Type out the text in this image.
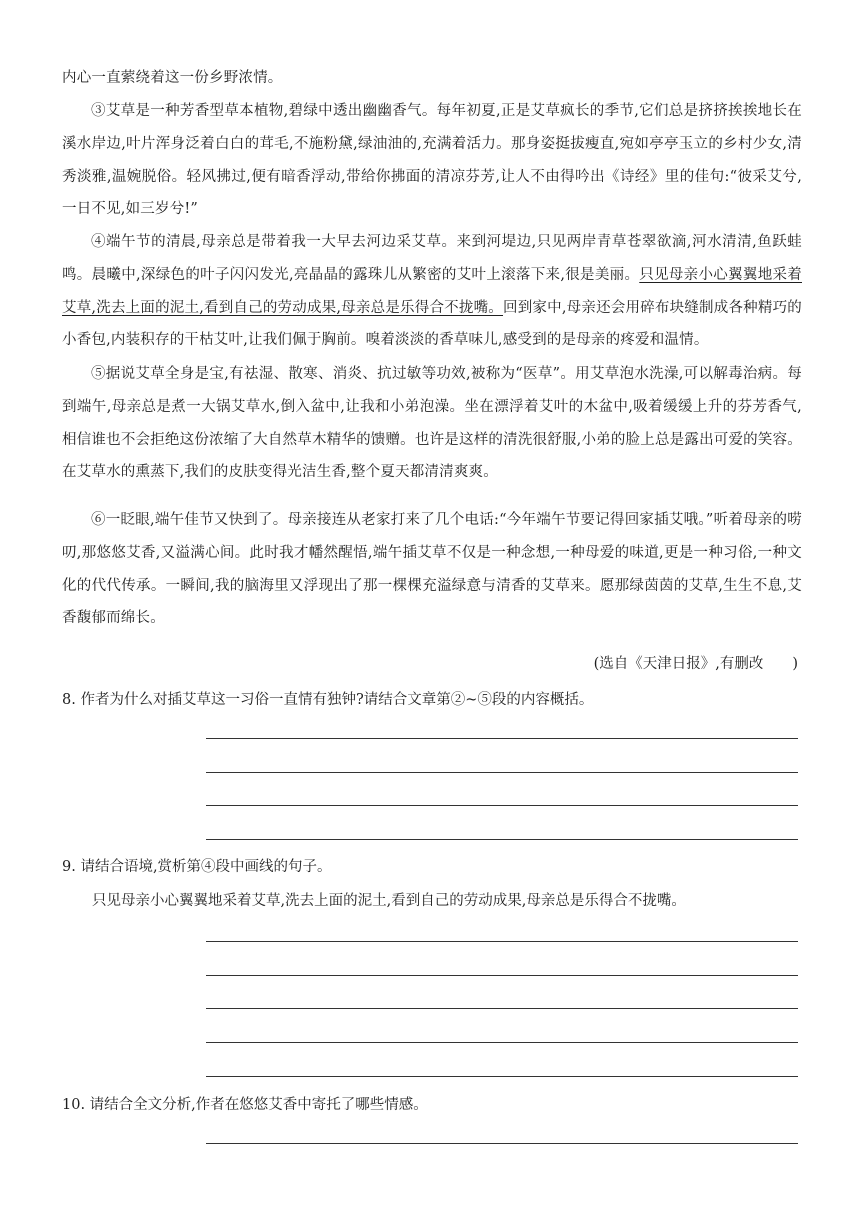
内心一直萦绕着这一份乡野浓情。

③艾草是一种芳香型草本植物,碧绿中透出幽幽香气。每年初夏,正是艾草疯长的季节,它们总是挤挤挨挨地长在溪水岸边,叶片浑身泛着白白的茸毛,不施粉黛,绿油油的,充满着活力。那身姿挺拔瘦直,宛如亭亭玉立的乡村少女,清秀淡雅,温婉脱俗。轻风拂过,便有暗香浮动,带给你拂面的清凉芬芳,让人不由得吟出《诗经》里的佳句:“彼采艾兮,一日不见,如三岁兮!”

④端午节的清晨,母亲总是带着我一大早去河边采艾草。来到河堤边,只见两岸青草苍翠欲滴,河水清清,鱼跃蛙鸣。晨曦中,深绿色的叶子闪闪发光,亮晶晶的露珠儿从繁密的艾叶上滚落下来,很是美丽。只见母亲小心翼翼地采着艾草,洗去上面的泥土,看到自己的劳动成果,母亲总是乐得合不拢嘴。回到家中,母亲还会用碎布块缝制成各种精巧的小香包,内装积存的干枯艾叶,让我们佩于胸前。嗅着淡淡的香草味儿,感受到的是母亲的疼爱和温情。

⑤据说艾草全身是宝,有祛湿、散寒、消炎、抗过敏等功效,被称为“医草”。用艾草泡水洗澡,可以解毒治病。每到端午,母亲总是煮一大锅艾草水,倒入盆中,让我和小弟泡澡。坐在漂浮着艾叶的木盆中,吸着缓缓上升的芬芳香气,相信谁也不会拒绝这份浓缩了大自然草木精华的馈赠。也许是这样的清洗很舒服,小弟的脸上总是露出可爱的笑容。在艾草水的熏蒸下,我们的皮肤变得光洁生香,整个夏天都清清爽爽。

⑥一眨眼,端午佳节又快到了。母亲接连从老家打来了几个电话:“今年端午节要记得回家插艾哦。”听着母亲的唠叨,那悠悠艾香,又溢满心间。此时我才幡然醒悟,端午插艾草不仅是一种念想,一种母爱的味道,更是一种习俗,一种文化的代代传承。一瞬间,我的脑海里又浮现出了那一棵棵充溢绿意与清香的艾草来。愿那绿茵茵的艾草,生生不息,艾香馥郁而绵长。

(选自《天津日报》,有删改　　)

8. 作者为什么对插艾草这一习俗一直情有独钟?请结合文章第②~⑤段的内容概括。

9. 请结合语境,赏析第④段中画线的句子。

只见母亲小心翼翼地采着艾草,洗去上面的泥土,看到自己的劳动成果,母亲总是乐得合不拢嘴。

10. 请结合全文分析,作者在悠悠艾香中寄托了哪些情感。
